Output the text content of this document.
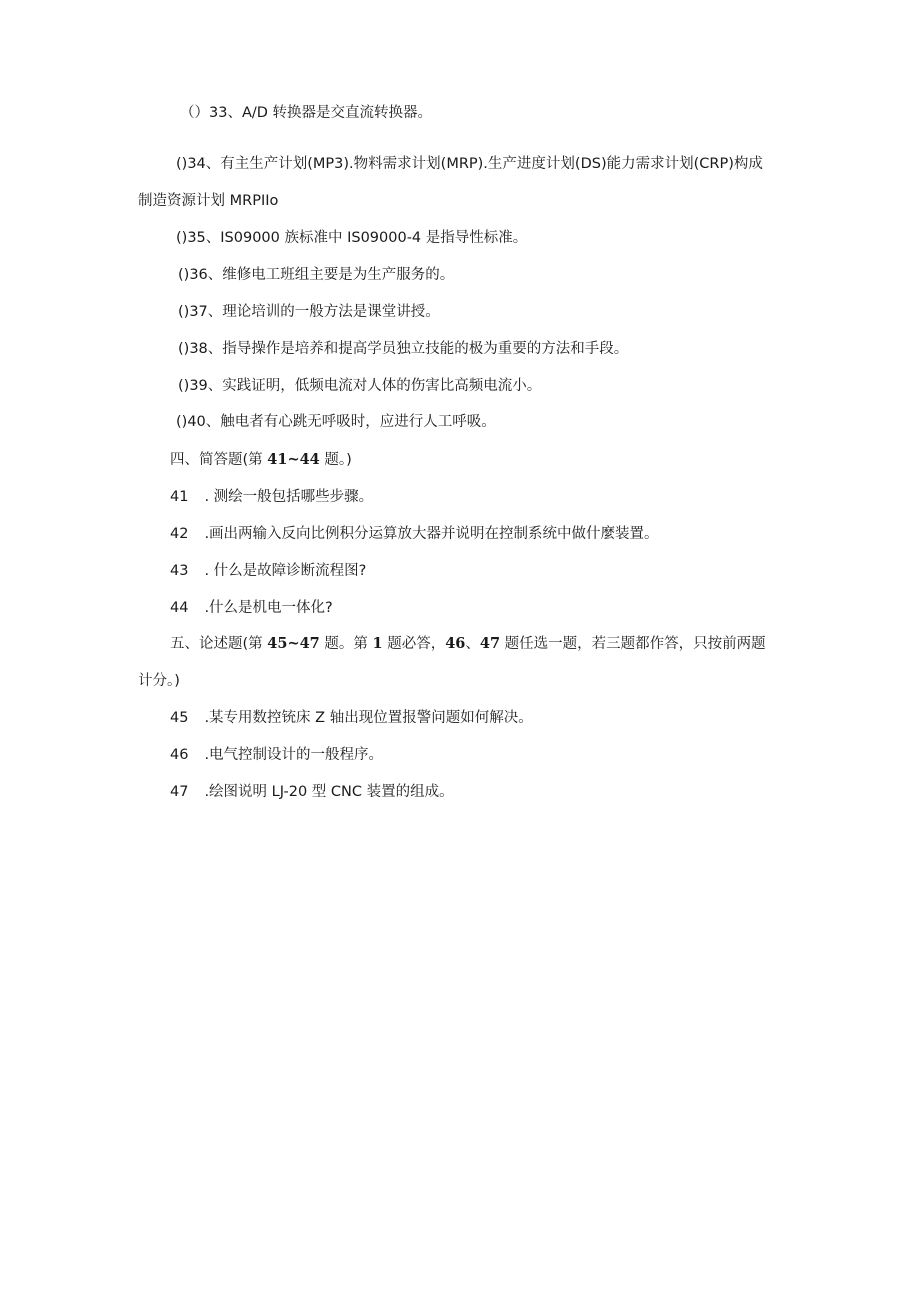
（）33、A/D 转换器是交直流转换器。
()34、有主生产计划(MP3).物料需求计划(MRP).生产进度计划(DS)能力需求计划(CRP)构成
制造资源计划 MRPIIo
()35、IS09000 族标准中 IS09000-4 是指导性标准。
()36、维修电工班组主要是为生产服务的。
()37、理论培训的一般方法是课堂讲授。
()38、指导操作是培养和提高学员独立技能的极为重要的方法和手段。
()39、实践证明，低频电流对人体的伤害比高频电流小。
()40、触电者有心跳无呼吸时，应进行人工呼吸。
四、简答题(第 41~44 题。)
41 . 测绘一般包括哪些步骤。
42 .画出两输入反向比例积分运算放大器并说明在控制系统中做什麼装置。
43 . 什么是故障诊断流程图?
44 .什么是机电一体化?
五、论述题(第 45~47 题。第 1 题必答，46、47 题任选一题，若三题都作答，只按前两题
计分。)
45 .某专用数控铳床 Z 轴出现位置报警问题如何解决。
46 .电气控制设计的一般程序。
47 .绘图说明 LJ-20 型 CNC 装置的组成。
